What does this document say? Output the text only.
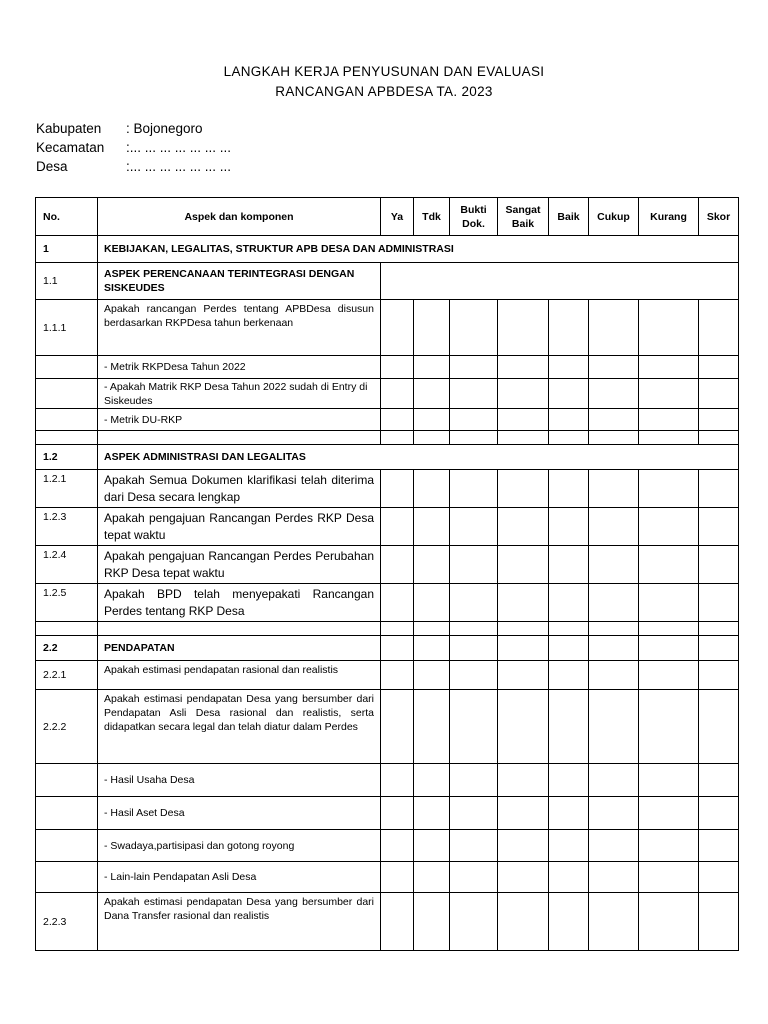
LANGKAH KERJA PENYUSUNAN DAN EVALUASI
RANCANGAN APBDESA TA. 2023
Kabupaten : Bojonegoro
Kecamatan :... ... ... ... ... ... ...
Desa	:... ... ... ... ... ... ...
No.	Aspek dan komponen	Ya	Tdk	Bukti Dok.	Sangat Baik	Baik	Cukup	Kurang	Skor
1	KEBIJAKAN, LEGALITAS, STRUKTUR APB DESA DAN ADMINISTRASI								
1.1	ASPEK PERENCANAAN TERINTEGRASI DENGAN SISKEUDES								
1.1.1	Apakah rancangan Perdes tentang APBDesa disusun berdasarkan RKPDesa tahun berkenaan								
	- Metrik RKPDesa Tahun 2022								
	- Apakah Matrik RKP Desa Tahun 2022 sudah di Entry di Siskeudes								
	- Metrik DU-RKP								

1.2	ASPEK ADMINISTRASI DAN LEGALITAS								
1.2.1	Apakah Semua Dokumen klarifikasi telah diterima dari Desa secara lengkap								
1.2.3	Apakah pengajuan Rancangan Perdes RKP Desa tepat waktu								
1.2.4	Apakah pengajuan Rancangan Perdes Perubahan RKP Desa tepat waktu								
1.2.5	Apakah BPD telah menyepakati Rancangan Perdes tentang RKP Desa								

2.2	PENDAPATAN								
2.2.1	Apakah estimasi pendapatan rasional dan realistis								
2.2.2	Apakah estimasi pendapatan Desa yang bersumber dari Pendapatan Asli Desa rasional dan realistis, serta didapatkan secara legal dan telah diatur dalam Perdes								
	- Hasil Usaha Desa								
	- Hasil Aset Desa								
	- Swadaya,partisipasi dan gotong royong								
	- Lain-lain Pendapatan Asli Desa								
2.2.3	Apakah estimasi pendapatan Desa yang bersumber dari Dana Transfer rasional dan realistis								
